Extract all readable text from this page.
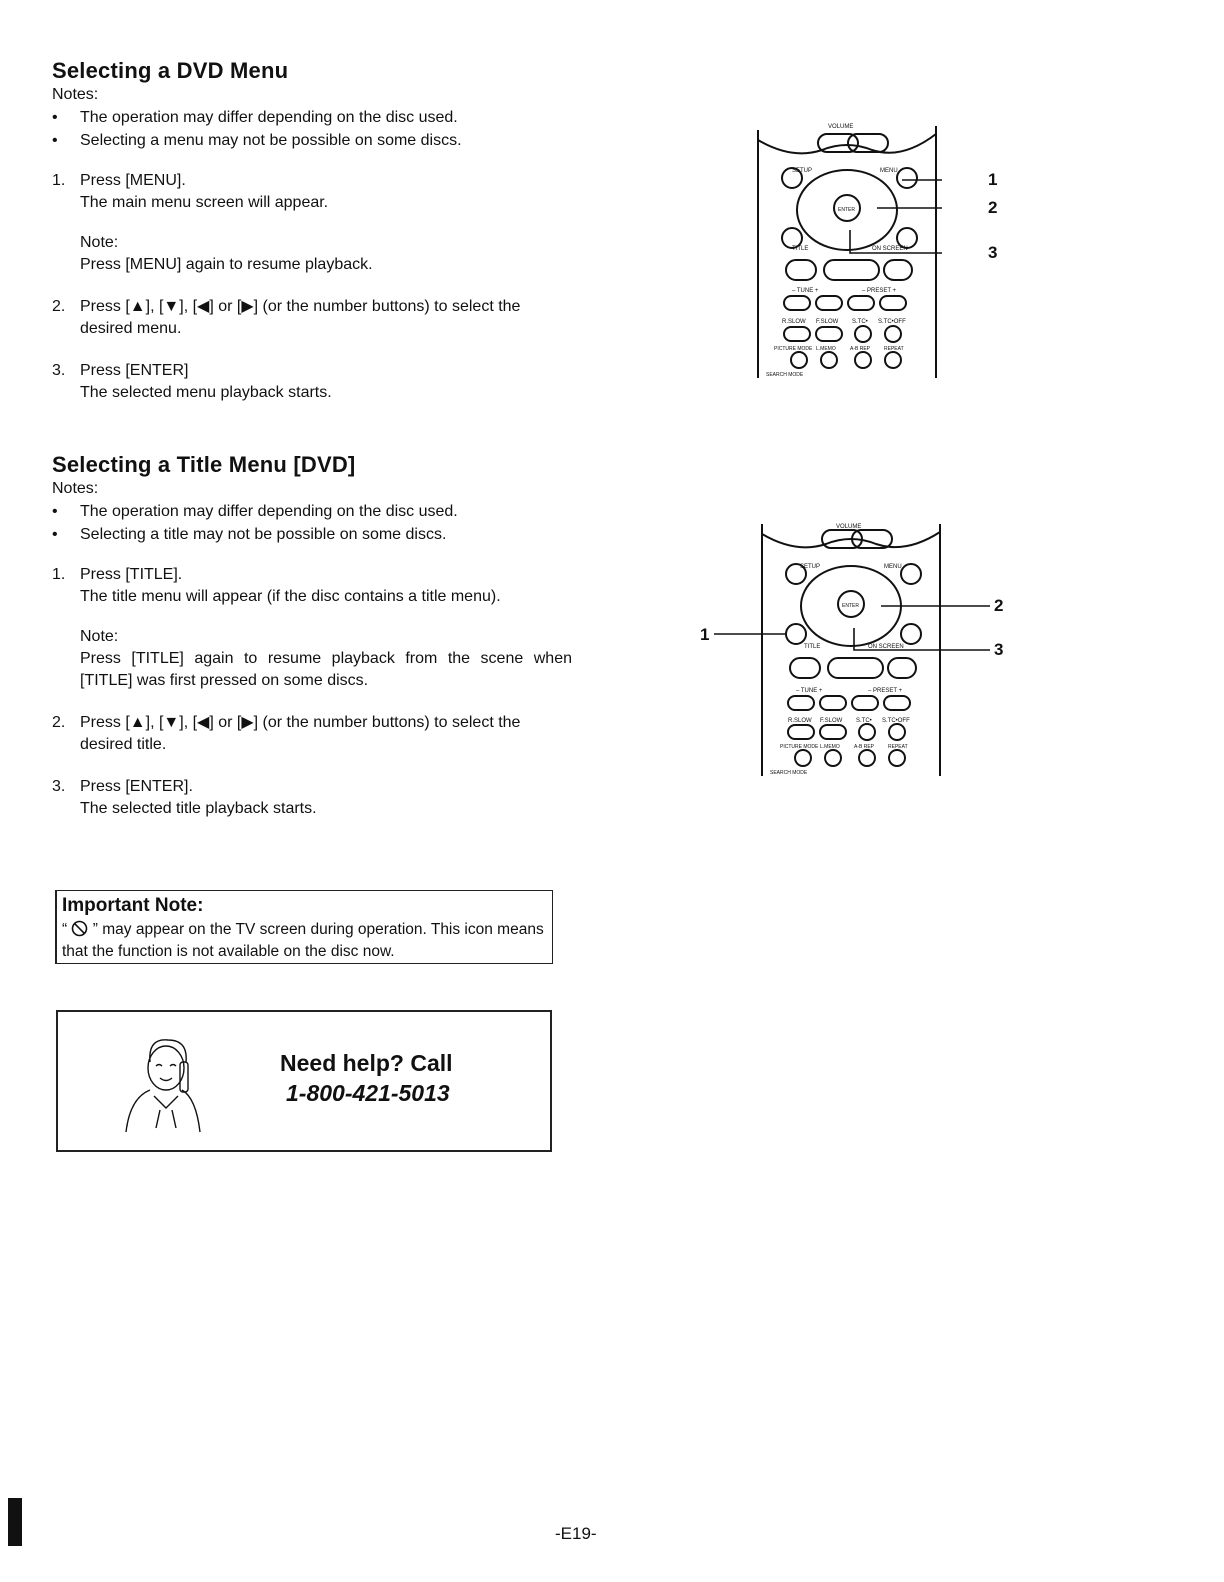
Selecting a DVD Menu
Notes:
• The operation may differ depending on the disc used.
• Selecting a menu may not be possible on some discs.
1. Press [MENU].
The main menu screen will appear.
Note:
Press [MENU] again to resume playback.
2. Press [▲], [▼], [◀] or [▶] (or the number buttons) to select the desired menu.
3. Press [ENTER]
The selected menu playback starts.
Selecting a Title Menu [DVD]
Notes:
• The operation may differ depending on the disc used.
• Selecting a title may not be possible on some discs.
1. Press [TITLE].
The title menu will appear (if the disc contains a title menu).
Note:
Press [TITLE] again to resume playback from the scene when [TITLE] was first pressed on some discs.
2. Press [▲], [▼], [◀] or [▶] (or the number buttons) to select the desired title.
3. Press [ENTER].
The selected title playback starts.
VOLUME
SETUP	MENU
ENTER
TITLE	ON SCREEN
– TUNE +	– PRESET +
R.SLOW F.SLOW S.TC• S.TC•OFF
PICTURE MODE L.MEMO	A-B REP	REPEAT
SEARCH MODE
1
2
3
VOLUME
SETUP	MENU
ENTER
TITLE	ON SCREEN
– TUNE +	– PRESET +
R.SLOW F.SLOW S.TC• S.TC•OFF
PICTURE MODE L.MEMO	A-B REP	REPEAT
SEARCH MODE
1
2
3
Important Note:
“ ” may appear on the TV screen during operation. This icon means that the function is not available on the disc now.
Need help? Call
1-800-421-5013
-E19-
